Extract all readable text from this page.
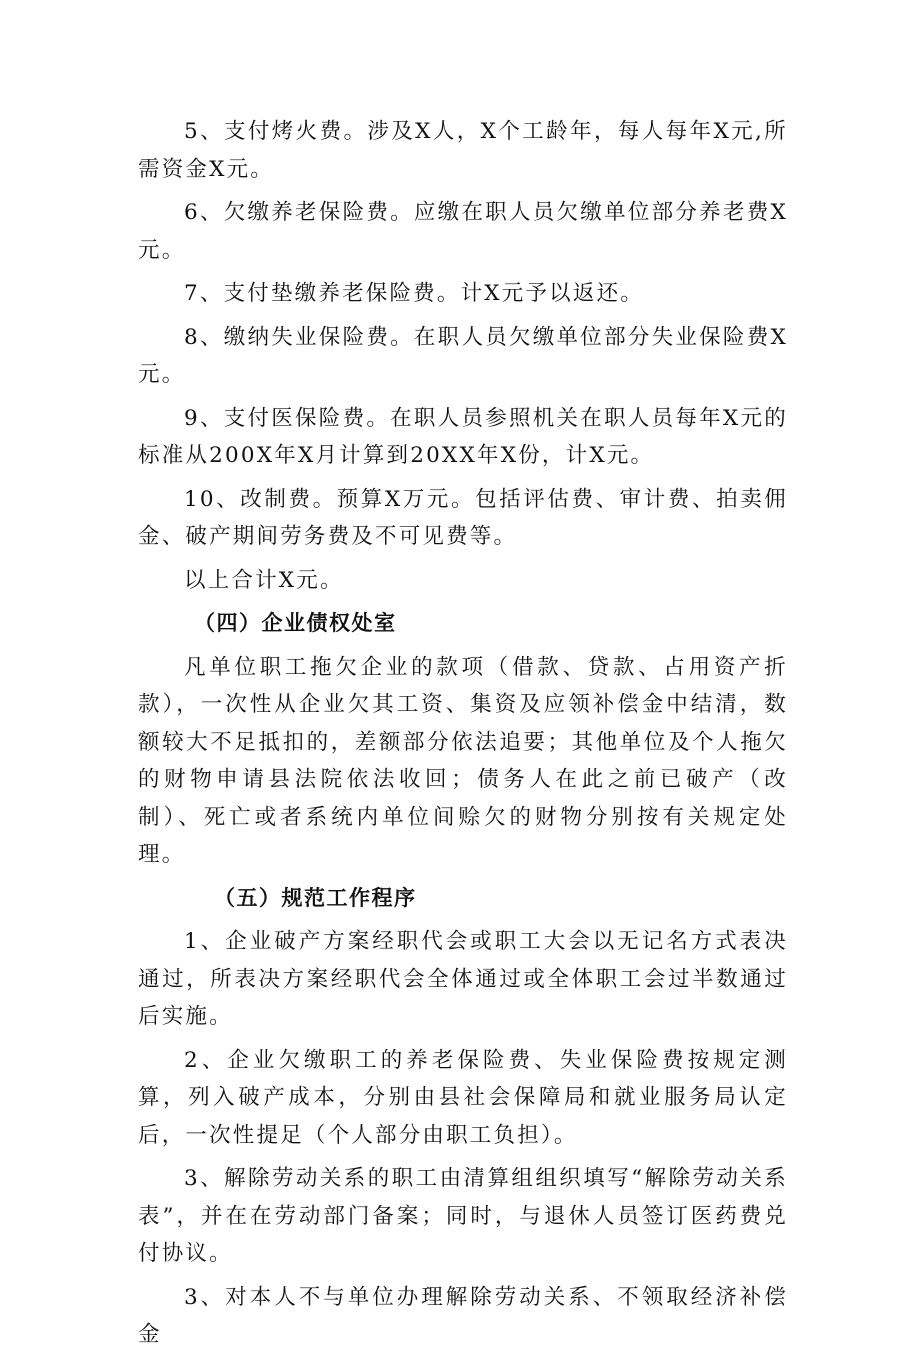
5、支付烤火费。涉及X人，X个工龄年，每人每年X元,所需资金X元。

6、欠缴养老保险费。应缴在职人员欠缴单位部分养老费X元。

7、支付垫缴养老保险费。计X元予以返还。

8、缴纳失业保险费。在职人员欠缴单位部分失业保险费X元。

9、支付医保险费。在职人员参照机关在职人员每年X元的标准从200X年X月计算到20XX年X份，计X元。

10、改制费。预算X万元。包括评估费、审计费、拍卖佣金、破产期间劳务费及不可见费等。

以上合计X元。

（四）企业债权处室

凡单位职工拖欠企业的款项（借款、贷款、占用资产折款），一次性从企业欠其工资、集资及应领补偿金中结清，数额较大不足抵扣的，差额部分依法追要；其他单位及个人拖欠的财物申请县法院依法收回；债务人在此之前已破产（改制）、死亡或者系统内单位间赊欠的财物分别按有关规定处理。

（五）规范工作程序

1、企业破产方案经职代会或职工大会以无记名方式表决通过，所表决方案经职代会全体通过或全体职工会过半数通过后实施。

2、企业欠缴职工的养老保险费、失业保险费按规定测算，列入破产成本，分别由县社会保障局和就业服务局认定后，一次性提足（个人部分由职工负担）。

3、解除劳动关系的职工由清算组组织填写“解除劳动关系表”，并在在劳动部门备案；同时，与退休人员签订医药费兑付协议。

3、对本人不与单位办理解除劳动关系、不领取经济补偿金
